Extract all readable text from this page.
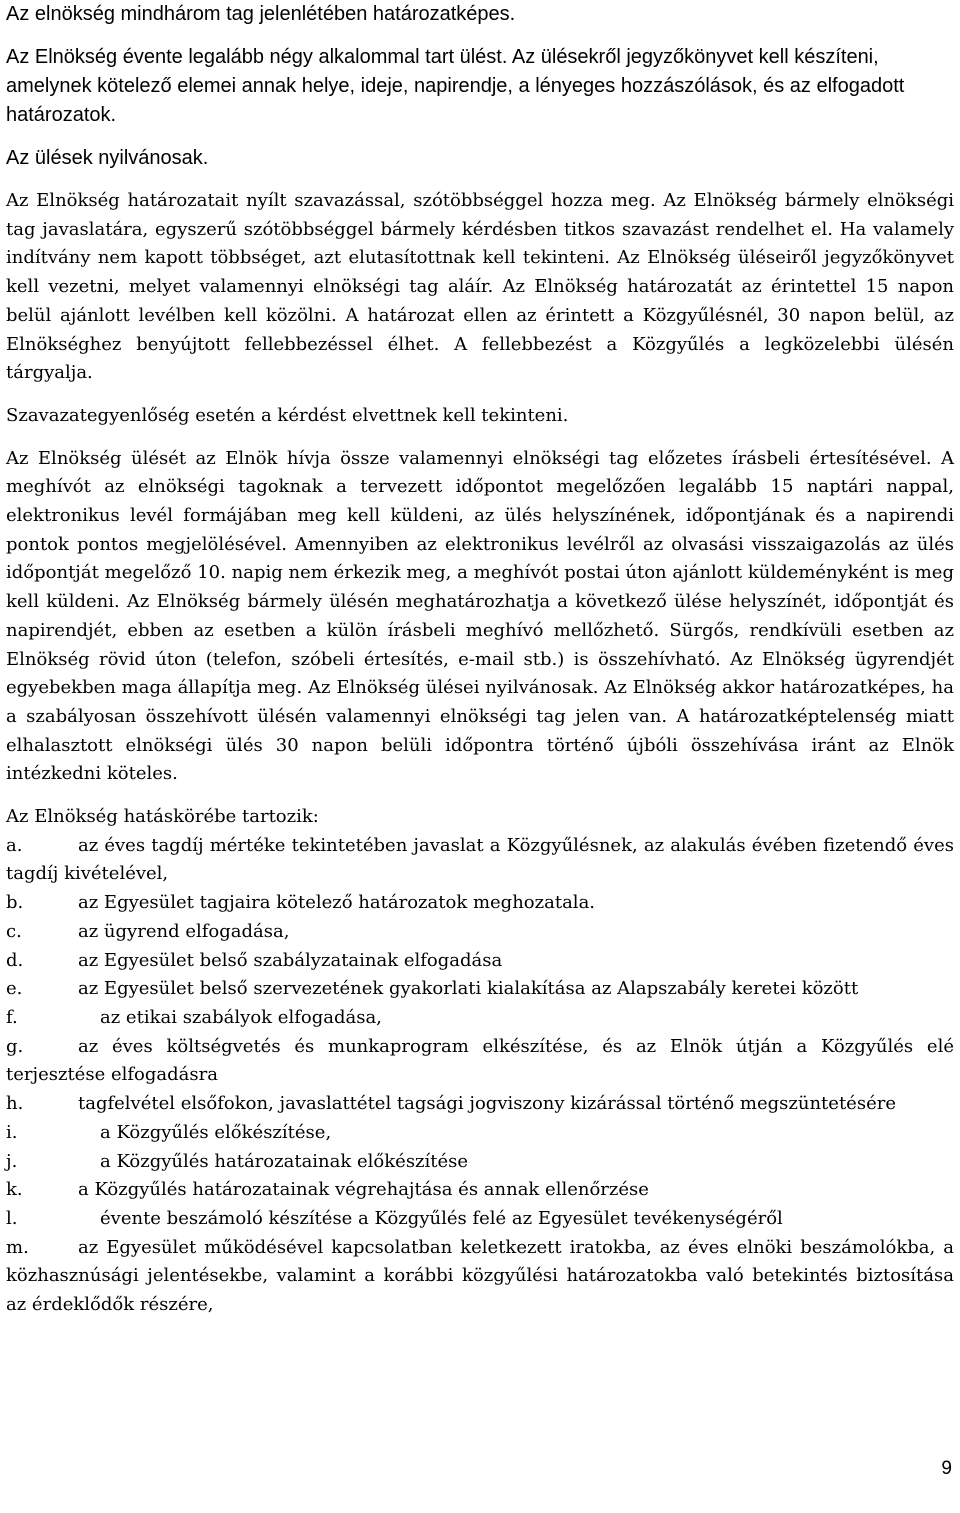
Az elnökség mindhárom tag jelenlétében határozatképes.

Az Elnökség évente legalább négy alkalommal tart ülést. Az ülésekről jegyzőkönyvet kell készíteni, amelynek kötelező elemei annak helye, ideje, napirendje, a lényeges hozzászólások, és az elfogadott határozatok.

Az ülések nyilvánosak.

Az Elnökség határozatait nyílt szavazással, szótöbbséggel hozza meg. Az Elnökség bármely elnökségi tag javaslatára, egyszerű szótöbbséggel bármely kérdésben titkos szavazást rendelhet el. Ha valamely indítvány nem kapott többséget, azt elutasítottnak kell tekinteni. Az Elnökség üléseiről jegyzőkönyvet kell vezetni, melyet valamennyi elnökségi tag aláír. Az Elnökség határozatát az érintettel 15 napon belül ajánlott levélben kell közölni. A határozat ellen az érintett a Közgyűlésnél, 30 napon belül, az Elnökséghez benyújtott fellebbezéssel élhet. A fellebbezést a Közgyűlés a legközelebbi ülésén tárgyalja.

Szavazategyenlőség esetén a kérdést elvettnek kell tekinteni.

Az Elnökség ülését az Elnök hívja össze valamennyi elnökségi tag előzetes írásbeli értesítésével. A meghívót az elnökségi tagoknak a tervezett időpontot megelőzően legalább 15 naptári nappal, elektronikus levél formájában meg kell küldeni, az ülés helyszínének, időpontjának és a napirendi pontok pontos megjelölésével. Amennyiben az elektronikus levélről az olvasási visszaigazolás az ülés időpontját megelőző 10. napig nem érkezik meg, a meghívót postai úton ajánlott küldeményként is meg kell küldeni. Az Elnökség bármely ülésén meghatározhatja a következő ülése helyszínét, időpontját és napirendjét, ebben az esetben a külön írásbeli meghívó mellőzhető. Sürgős, rendkívüli esetben az Elnökség rövid úton (telefon, szóbeli értesítés, e-mail stb.) is összehívható. Az Elnökség ügyrendjét egyebekben maga állapítja meg. Az Elnökség ülései nyilvánosak. Az Elnökség akkor határozatképes, ha a szabályosan összehívott ülésén valamennyi elnökségi tag jelen van. A határozatképtelenség miatt elhalasztott elnökségi ülés 30 napon belüli időpontra történő újbóli összehívása iránt az Elnök intézkedni köteles.

Az Elnökség hatáskörébe tartozik:

a.	az éves tagdíj mértéke tekintetében javaslat a Közgyűlésnek, az alakulás évében fizetendő éves tagdíj kivételével,

b.	az Egyesület tagjaira kötelező határozatok meghozatala.

c.	az ügyrend elfogadása,

d.	az Egyesület belső szabályzatainak elfogadása

e.	az Egyesület belső szervezetének gyakorlati kialakítása az Alapszabály keretei között

f.	az etikai szabályok elfogadása,

g.	az éves költségvetés és munkaprogram elkészítése, és az Elnök útján a Közgyűlés elé terjesztése elfogadásra

h.	tagfelvétel elsőfokon, javaslattétel tagsági jogviszony kizárással történő megszüntetésére

i.	a Közgyűlés előkészítése,

j.	a Közgyűlés határozatainak előkészítése

k.	a Közgyűlés határozatainak végrehajtása és annak ellenőrzése

l.	évente beszámoló készítése a Közgyűlés felé az Egyesület tevékenységéről

m.	az Egyesület működésével kapcsolatban keletkezett iratokba, az éves elnöki beszámolókba, a közhasznúsági jelentésekbe, valamint a korábbi közgyűlési határozatokba való betekintés biztosítása az érdeklődők részére,

9
